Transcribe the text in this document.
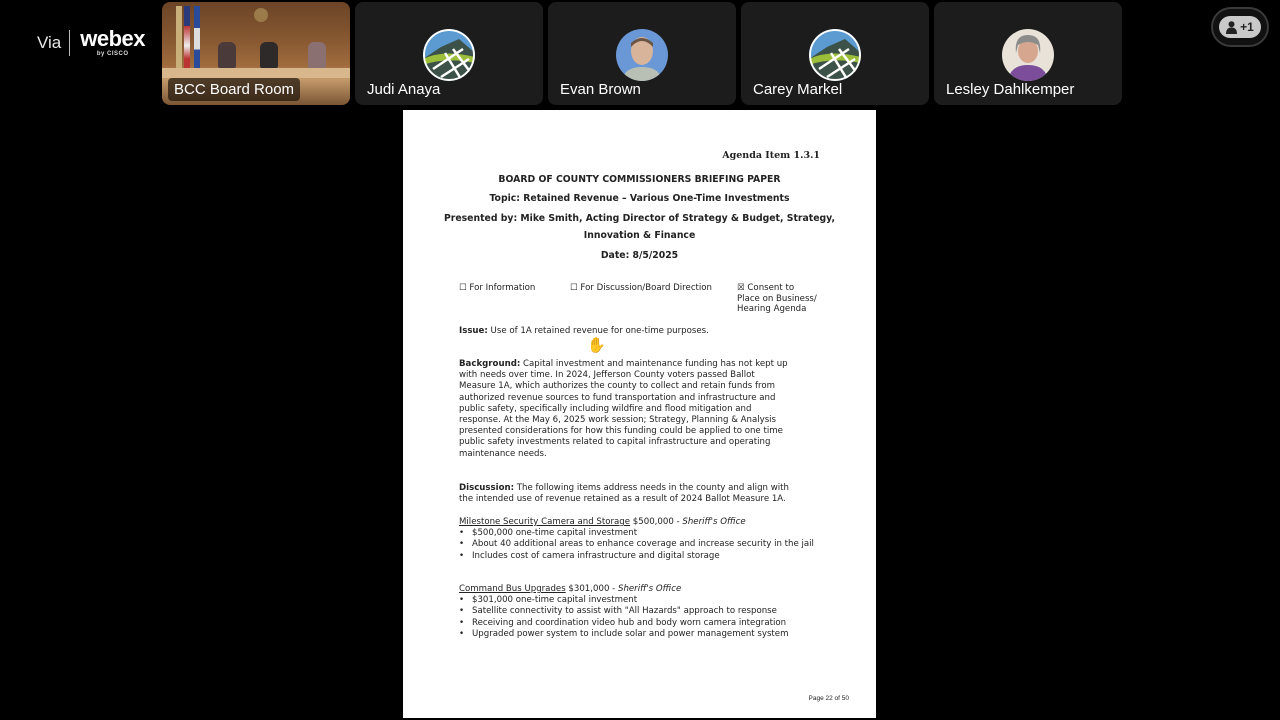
Via webex
by CISCO
BCC Board Room	Judi Anaya	Evan Brown	Carey Markel	Lesley Dahlkemper
+1
Agenda Item 1.3.1
BOARD OF COUNTY COMMISSIONERS BRIEFING PAPER
Topic: Retained Revenue – Various One-Time Investments
Presented by: Mike Smith, Acting Director of Strategy & Budget, Strategy,
Innovation & Finance
Date: 8/5/2025
☐ For Information	☐ For Discussion/Board Direction	☒ Consent to
Place on Business/
Hearing Agenda
Issue: Use of 1A retained revenue for one-time purposes.
✋
Background: Capital investment and maintenance funding has not kept up
with needs over time. In 2024, Jefferson County voters passed Ballot
Measure 1A, which authorizes the county to collect and retain funds from
authorized revenue sources to fund transportation and infrastructure and
public safety, specifically including wildfire and flood mitigation and
response. At the May 6, 2025 work session; Strategy, Planning & Analysis
presented considerations for how this funding could be applied to one time
public safety investments related to capital infrastructure and operating
maintenance needs.
Discussion: The following items address needs in the county and align with
the intended use of revenue retained as a result of 2024 Ballot Measure 1A.
Milestone Security Camera and Storage $500,000 - Sheriff's Office
• $500,000 one-time capital investment
• About 40 additional areas to enhance coverage and increase security in the jail
• Includes cost of camera infrastructure and digital storage
Command Bus Upgrades $301,000 - Sheriff's Office
• $301,000 one-time capital investment
• Satellite connectivity to assist with "All Hazards" approach to response
• Receiving and coordination video hub and body worn camera integration
• Upgraded power system to include solar and power management system
Page 22 of 50
